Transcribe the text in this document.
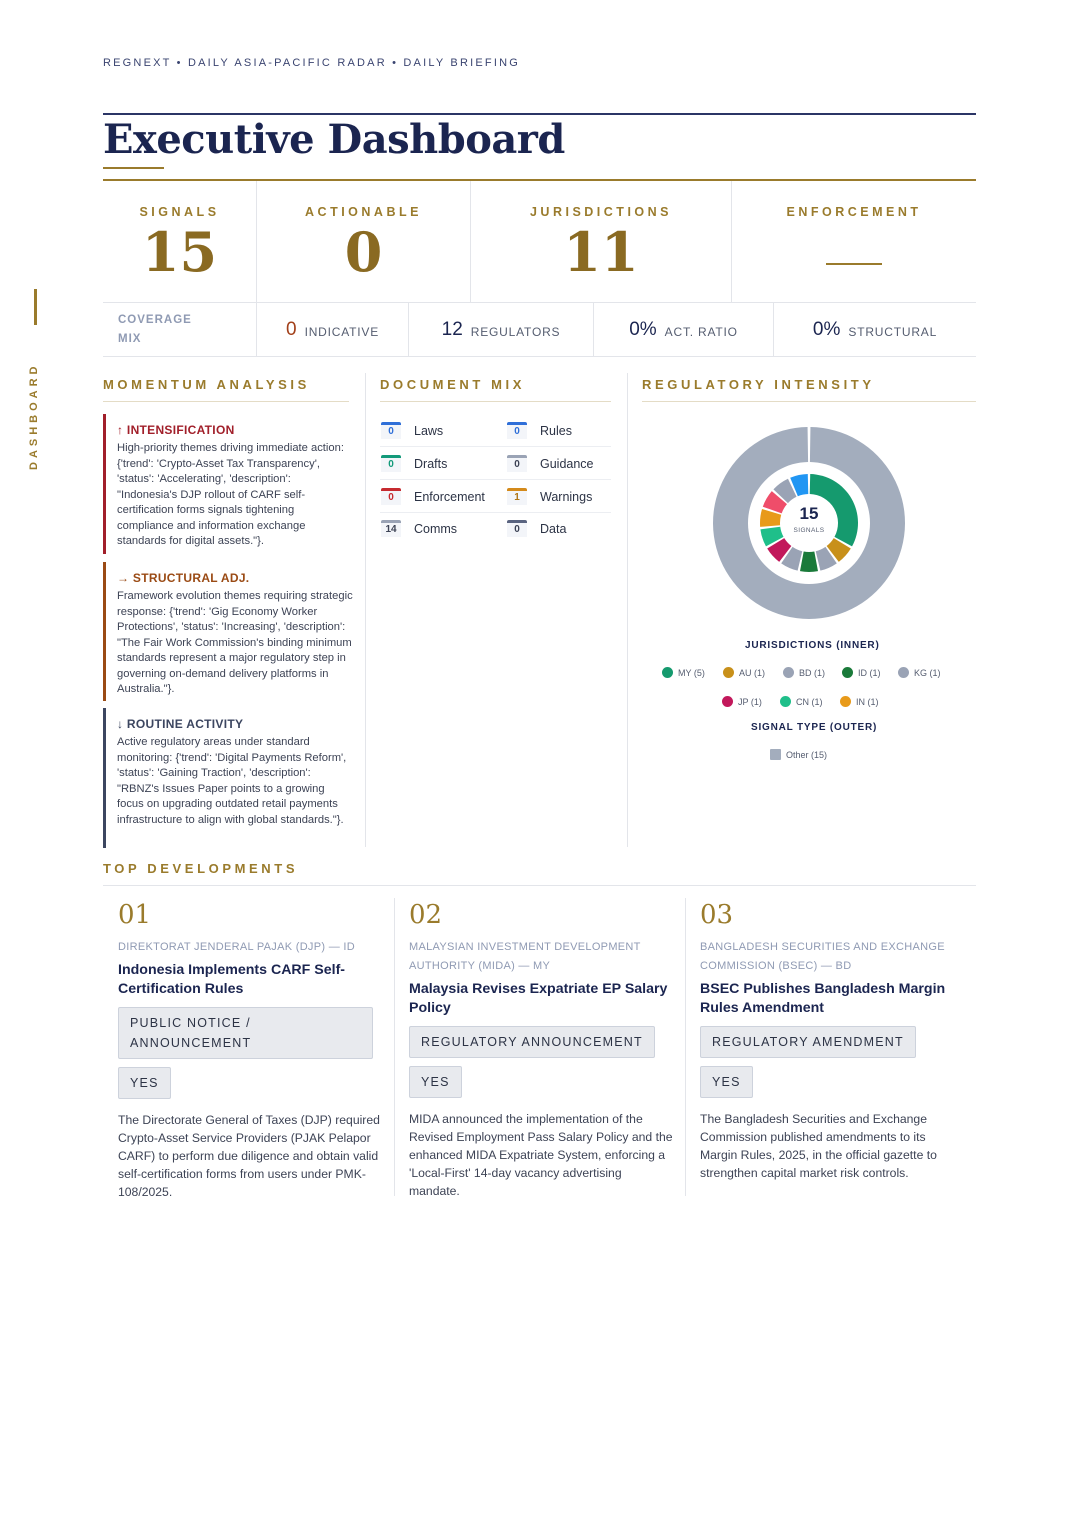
DASHBOARD
REGNEXT • DAILY ASIA-PACIFIC RADAR • DAILY BRIEFING
Executive Dashboard
SIGNALS
15
ACTIONABLE
0
JURISDICTIONS
11
ENFORCEMENT
COVERAGE MIX	0 INDICATIVE	12 REGULATORS	0% ACT. RATIO	0% STRUCTURAL
MOMENTUM ANALYSIS	DOCUMENT MIX	REGULATORY INTENSITY
↑ INTENSIFICATION
High-priority themes driving immediate action: {'trend': 'Crypto-Asset Tax Transparency', 'status': 'Accelerating', 'description': "Indonesia's DJP rollout of CARF self-certification forms signals tightening compliance and information exchange standards for digital assets."}.
→ STRUCTURAL ADJ.
Framework evolution themes requiring strategic response: {'trend': 'Gig Economy Worker Protections', 'status': 'Increasing', 'description': "The Fair Work Commission's binding minimum standards represent a major regulatory step in governing on-demand delivery platforms in Australia."}.
↓ ROUTINE ACTIVITY
Active regulatory areas under standard monitoring: {'trend': 'Digital Payments Reform', 'status': 'Gaining Traction', 'description': "RBNZ's Issues Paper points to a growing focus on upgrading outdated retail payments infrastructure to align with global standards."}.
0	Laws	0	Rules
0	Drafts	0	Guidance
0	Enforcement	1	Warnings
14	Comms	0	Data
15
SIGNALS
JURISDICTIONS (INNER)
MY (5)	AU (1)	BD (1)	ID (1)	KG (1)
JP (1)	CN (1)	IN (1)
SIGNAL TYPE (OUTER)
Other (15)
TOP DEVELOPMENTS
01
DIREKTORAT JENDERAL PAJAK (DJP) — ID
Indonesia Implements CARF Self-Certification Rules
PUBLIC NOTICE / ANNOUNCEMENT
YES
The Directorate General of Taxes (DJP) required Crypto-Asset Service Providers (PJAK Pelapor CARF) to perform due diligence and obtain valid self-certification forms from users under PMK-108/2025.
02
MALAYSIAN INVESTMENT DEVELOPMENT AUTHORITY (MIDA) — MY
Malaysia Revises Expatriate EP Salary Policy
REGULATORY ANNOUNCEMENT
YES
MIDA announced the implementation of the Revised Employment Pass Salary Policy and the enhanced MIDA Expatriate System, enforcing a 'Local-First' 14-day vacancy advertising mandate.
03
BANGLADESH SECURITIES AND EXCHANGE COMMISSION (BSEC) — BD
BSEC Publishes Bangladesh Margin Rules Amendment
REGULATORY AMENDMENT
YES
The Bangladesh Securities and Exchange Commission published amendments to its Margin Rules, 2025, in the official gazette to strengthen capital market risk controls.
